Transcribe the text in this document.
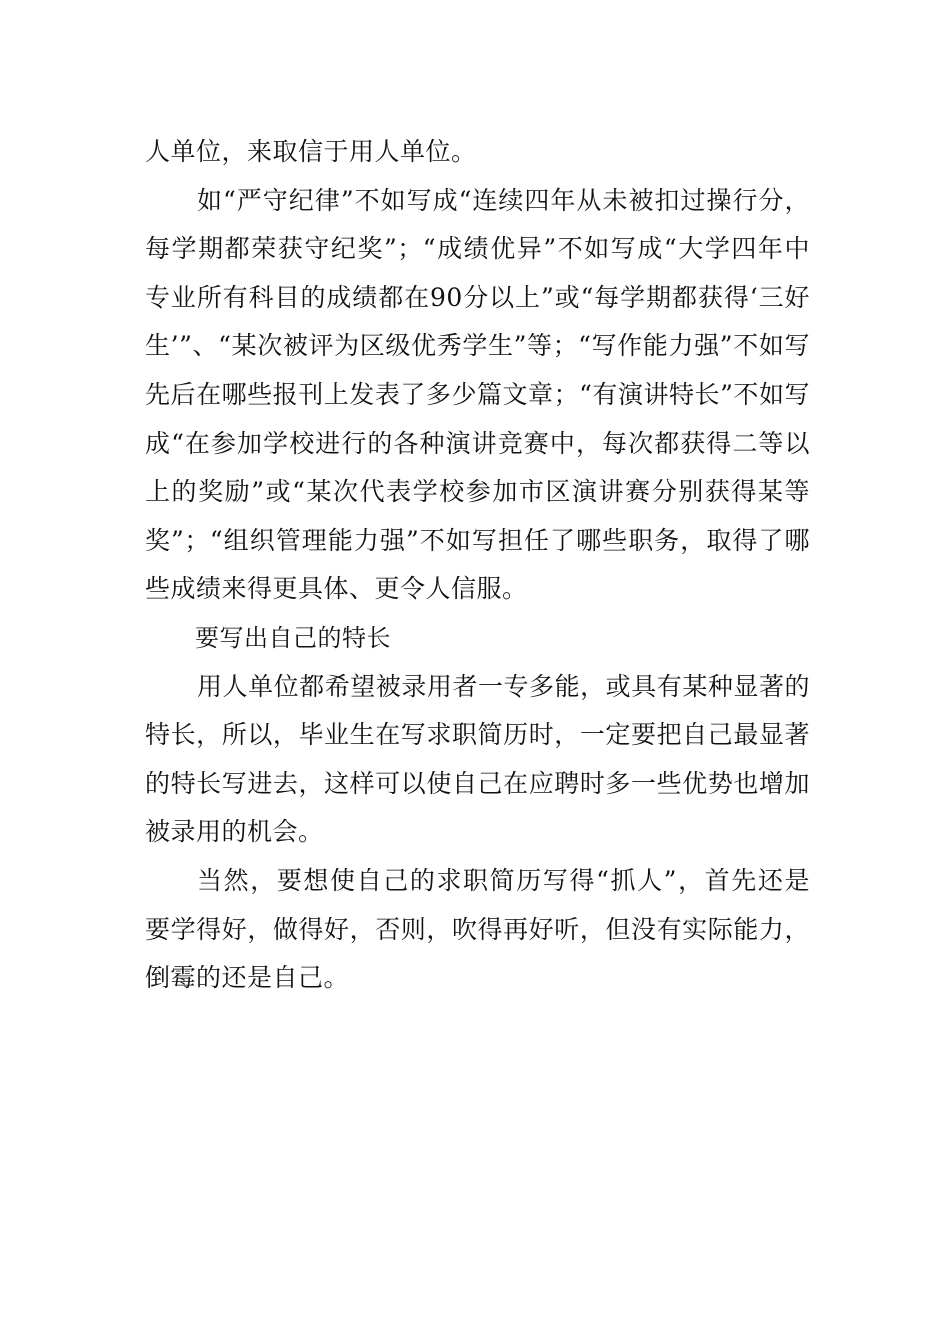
人单位，来取信于用人单位。

如“严守纪律”不如写成“连续四年从未被扣过操行分，每学期都荣获守纪奖”；“成绩优异”不如写成“大学四年中专业所有科目的成绩都在90分以上”或“每学期都获得‘三好生’”、“某次被评为区级优秀学生”等；“写作能力强”不如写先后在哪些报刊上发表了多少篇文章；“有演讲特长”不如写成“在参加学校进行的各种演讲竞赛中，每次都获得二等以上的奖励”或“某次代表学校参加市区演讲赛分别获得某等奖”；“组织管理能力强”不如写担任了哪些职务，取得了哪些成绩来得更具体、更令人信服。

要写出自己的特长

用人单位都希望被录用者一专多能，或具有某种显著的特长，所以，毕业生在写求职简历时，一定要把自己最显著的特长写进去，这样可以使自己在应聘时多一些优势也增加被录用的机会。

当然，要想使自己的求职简历写得“抓人”，首先还是要学得好，做得好，否则，吹得再好听，但没有实际能力，倒霉的还是自己。
